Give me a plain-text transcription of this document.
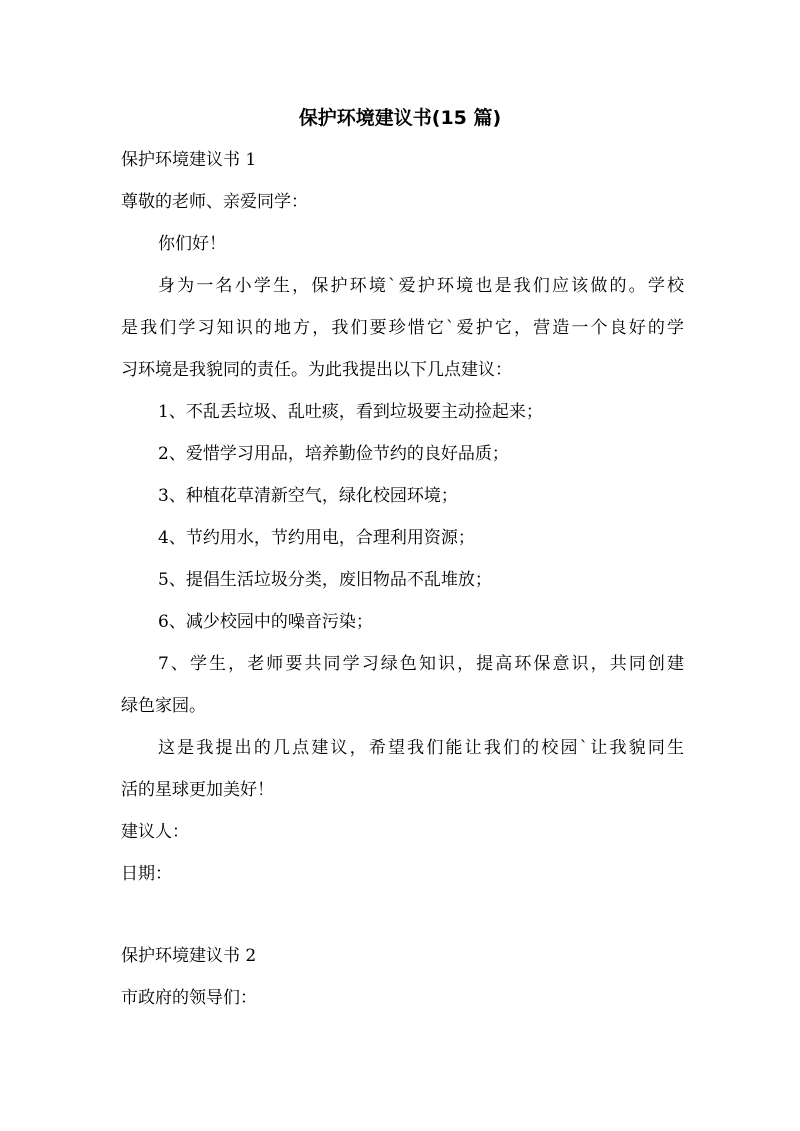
保护环境建议书(15 篇)
保护环境建议书 1
尊敬的老师、亲爱同学：
你们好！
身为一名小学生，保护环境`爱护环境也是我们应该做的。学校
是我们学习知识的地方，我们要珍惜它`爱护它，营造一个良好的学
习环境是我貌同的责任。为此我提出以下几点建议：
1、不乱丢垃圾、乱吐痰，看到垃圾要主动捡起来；
2、爱惜学习用品，培养勤俭节约的良好品质；
3、种植花草清新空气，绿化校园环境；
4、节约用水，节约用电，合理利用资源；
5、提倡生活垃圾分类，废旧物品不乱堆放；
6、减少校园中的噪音污染；
7、学生，老师要共同学习绿色知识，提高环保意识，共同创建
绿色家园。
这是我提出的几点建议，希望我们能让我们的校园`让我貌同生
活的星球更加美好！
建议人：
日期：
保护环境建议书 2
市政府的领导们：
